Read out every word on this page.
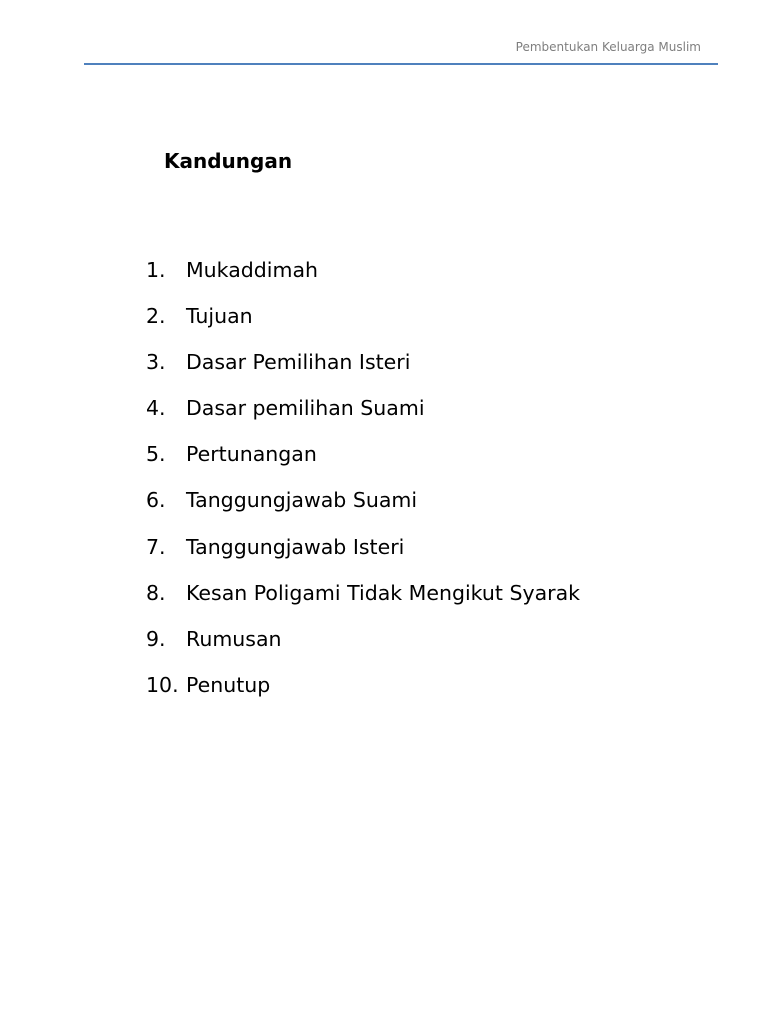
Pembentukan Keluarga Muslim
Kandungan
1. Mukaddimah
2. Tujuan
3. Dasar Pemilihan Isteri
4. Dasar pemilihan Suami
5. Pertunangan
6. Tanggungjawab Suami
7. Tanggungjawab Isteri
8. Kesan Poligami Tidak Mengikut Syarak
9. Rumusan
10. Penutup
